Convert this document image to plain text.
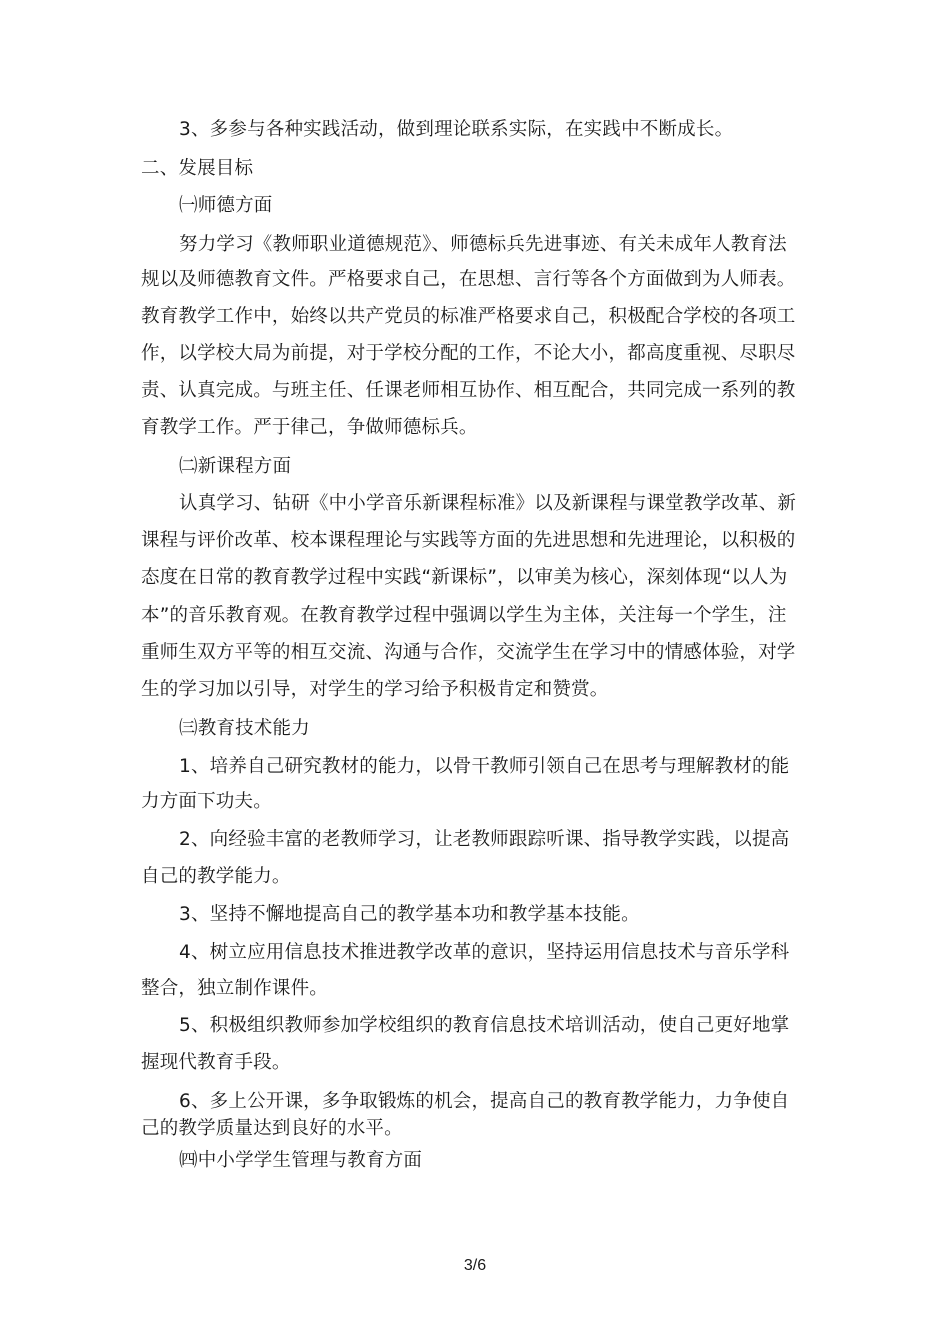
3、多参与各种实践活动，做到理论联系实际，在实践中不断成长。
二、发展目标
㈠师德方面
努力学习《教师职业道德规范》、师德标兵先进事迹、有关未成年人教育法
规以及师德教育文件。严格要求自己，在思想、言行等各个方面做到为人师表。
教育教学工作中，始终以共产党员的标准严格要求自己，积极配合学校的各项工
作，以学校大局为前提，对于学校分配的工作，不论大小，都高度重视、尽职尽
责、认真完成。与班主任、任课老师相互协作、相互配合，共同完成一系列的教
育教学工作。严于律己，争做师德标兵。
㈡新课程方面
认真学习、钻研《中小学音乐新课程标准》以及新课程与课堂教学改革、新
课程与评价改革、校本课程理论与实践等方面的先进思想和先进理论，以积极的
态度在日常的教育教学过程中实践“新课标”，以审美为核心，深刻体现“以人为
本”的音乐教育观。在教育教学过程中强调以学生为主体，关注每一个学生，注
重师生双方平等的相互交流、沟通与合作，交流学生在学习中的情感体验，对学
生的学习加以引导，对学生的学习给予积极肯定和赞赏。
㈢教育技术能力
1、培养自己研究教材的能力，以骨干教师引领自己在思考与理解教材的能
力方面下功夫。
2、向经验丰富的老教师学习，让老教师跟踪听课、指导教学实践，以提高
自己的教学能力。
3、坚持不懈地提高自己的教学基本功和教学基本技能。
4、树立应用信息技术推进教学改革的意识，坚持运用信息技术与音乐学科
整合，独立制作课件。
5、积极组织教师参加学校组织的教育信息技术培训活动，使自己更好地掌
握现代教育手段。
6、多上公开课，多争取锻炼的机会，提高自己的教育教学能力，力争使自
己的教学质量达到良好的水平。
㈣中小学学生管理与教育方面
3/6
